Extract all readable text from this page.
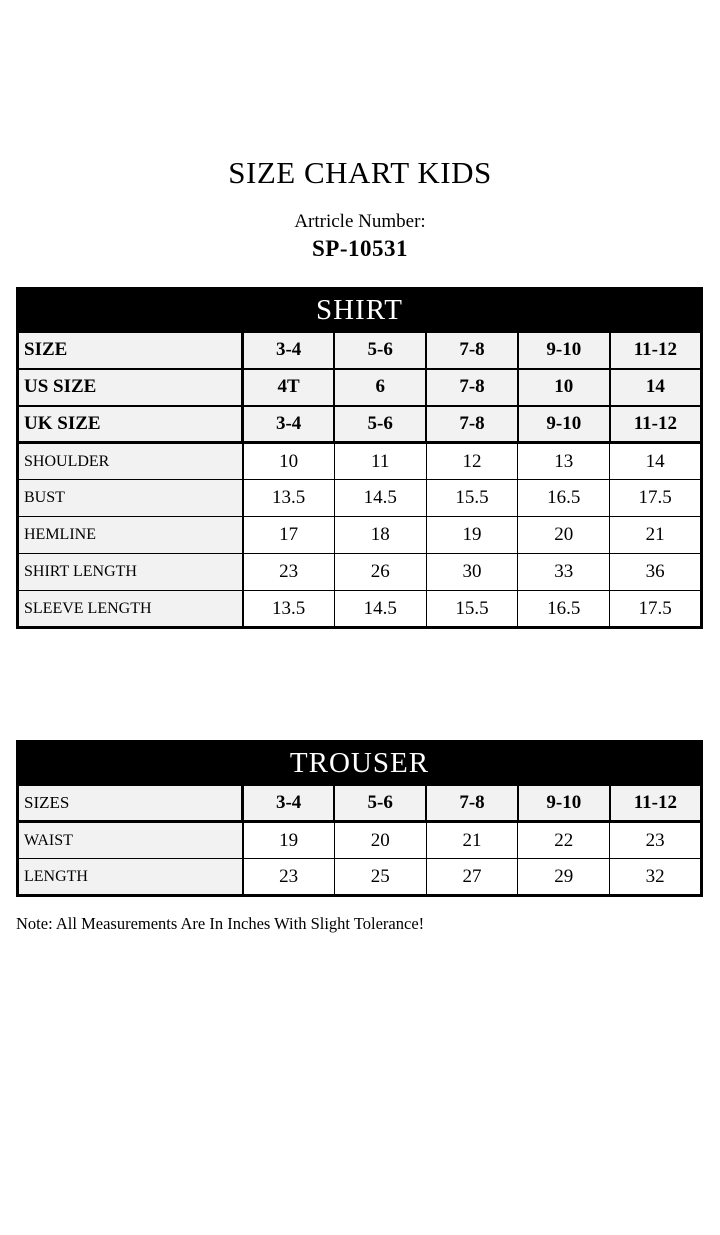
SIZE CHART KIDS
Artricle Number:
SP-10531
SHIRT					
SIZE	3-4	5-6	7-8	9-10	11-12
US SIZE	4T	6	7-8	10	14
UK SIZE	3-4	5-6	7-8	9-10	11-12
SHOULDER	10	11	12	13	14
BUST	13.5	14.5	15.5	16.5	17.5
HEMLINE	17	18	19	20	21
SHIRT LENGTH	23	26	30	33	36
SLEEVE LENGTH	13.5	14.5	15.5	16.5	17.5
TROUSER					
SIZES	3-4	5-6	7-8	9-10	11-12
WAIST	19	20	21	22	23
LENGTH	23	25	27	29	32
Note: All Measurements Are In Inches With Slight Tolerance!
